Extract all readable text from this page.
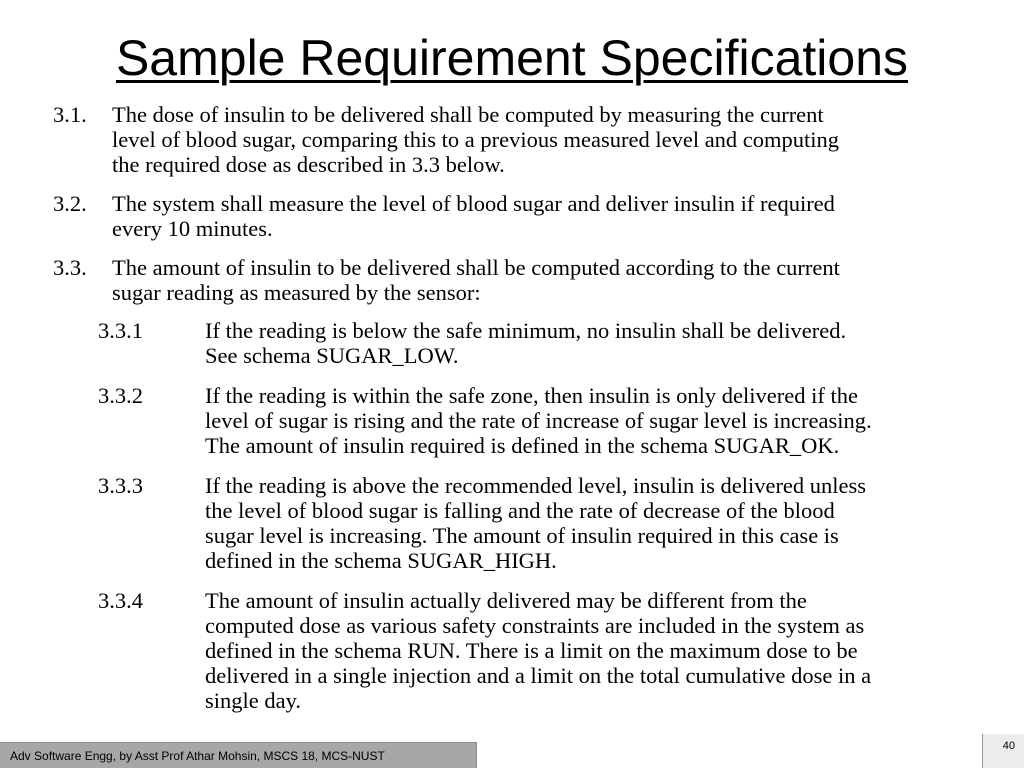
Sample Requirement Specifications
3.1. The dose of insulin to be delivered shall be computed by measuring the current
level of blood sugar, comparing this to a previous measured level and computing
the required dose as described in 3.3 below.
3.2. The system shall measure the level of blood sugar and deliver insulin if required
every 10 minutes.
3.3. The amount of insulin to be delivered shall be computed according to the current
sugar reading as measured by the sensor:
3.3.1	If the reading is below the safe minimum, no insulin shall be delivered.
See schema SUGAR_LOW.
3.3.2	If the reading is within the safe zone, then insulin is only delivered if the
level of sugar is rising and the rate of increase of sugar level is increasing.
The amount of insulin required is defined in the schema SUGAR_OK.
3.3.3	If the reading is above the recommended level, insulin is delivered unless
the level of blood sugar is falling and the rate of decrease of the blood
sugar level is increasing. The amount of insulin required in this case is
defined in the schema SUGAR_HIGH.
3.3.4	The amount of insulin actually delivered may be different from the
computed dose as various safety constraints are included in the system as
defined in the schema RUN. There is a limit on the maximum dose to be
delivered in a single injection and a limit on the total cumulative dose in a
single day.
Adv Software Engg, by Asst Prof Athar Mohsin, MSCS 18, MCS-NUST
40
